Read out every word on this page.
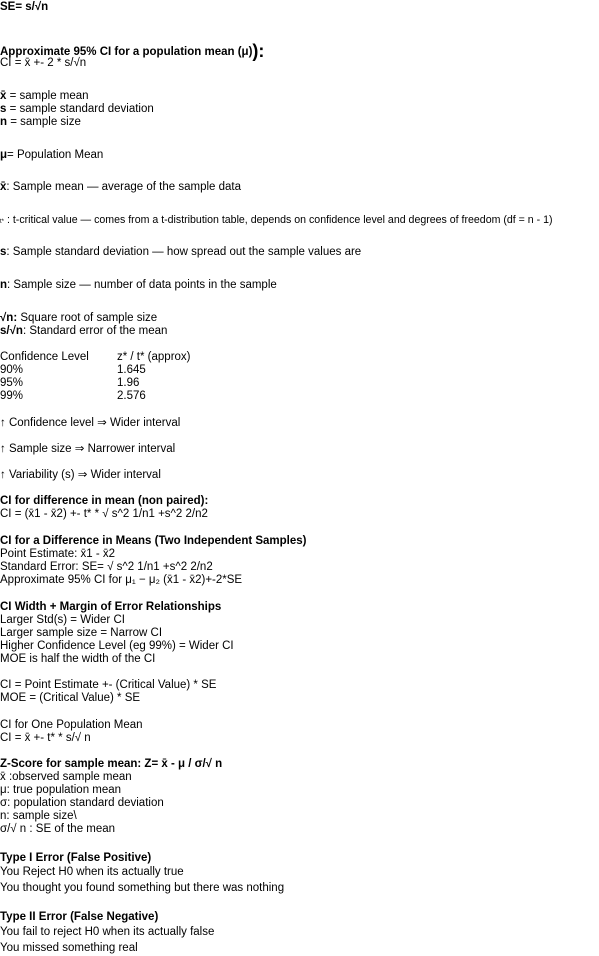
SE= s/√n
Approximate 95% CI for a population mean (μ)):
CI = x̄ +- 2 * s/√n
x̄ = sample mean
s = sample standard deviation
n = sample size
μ= Population Mean
x̄: Sample mean — average of the sample data
t* : t-critical value — comes from a t-distribution table, depends on confidence level and degrees of freedom (df = n - 1)
s: Sample standard deviation — how spread out the sample values are
n: Sample size — number of data points in the sample
√n: Square root of sample size
s/√n: Standard error of the mean
Confidence Level z* / t* (approx)
90%	1.645
95%	1.96
99%	2.576
↑ Confidence level ⇒ Wider interval
↑ Sample size ⇒ Narrower interval
↑ Variability (s) ⇒ Wider interval
CI for difference in mean (non paired):
CI = (x̄1 - x̄2) +- t* * √ s^2 1/n1 +s^2 2/n2
CI for a Difference in Means (Two Independent Samples)
Point Estimate: x̄1 - x̄2
Standard Error: SE= √ s^2 1/n1 +s^2 2/n2
Approximate 95% CI for μ₁ − μ₂ (x̄1 - x̄2)+-2*SE
CI Width + Margin of Error Relationships
Larger Std(s) = Wider CI
Larger sample size = Narrow CI
Higher Confidence Level (eg 99%) = Wider CI
MOE is half the width of the CI
CI = Point Estimate +- (Critical Value) * SE
MOE = (Critical Value) * SE
CI for One Population Mean
CI = x̄ +- t* * s/√ n
Z-Score for sample mean: Z= x̄ - μ / σ/√ n
x̄ :observed sample mean
μ: true population mean
σ: population standard deviation
n: sample size\
σ/√ n : SE of the mean
Type I Error (False Positive)
You Reject H0 when its actually true
You thought you found something but there was nothing
Type II Error (False Negative)
You fail to reject H0 when its actually false
You missed something real
